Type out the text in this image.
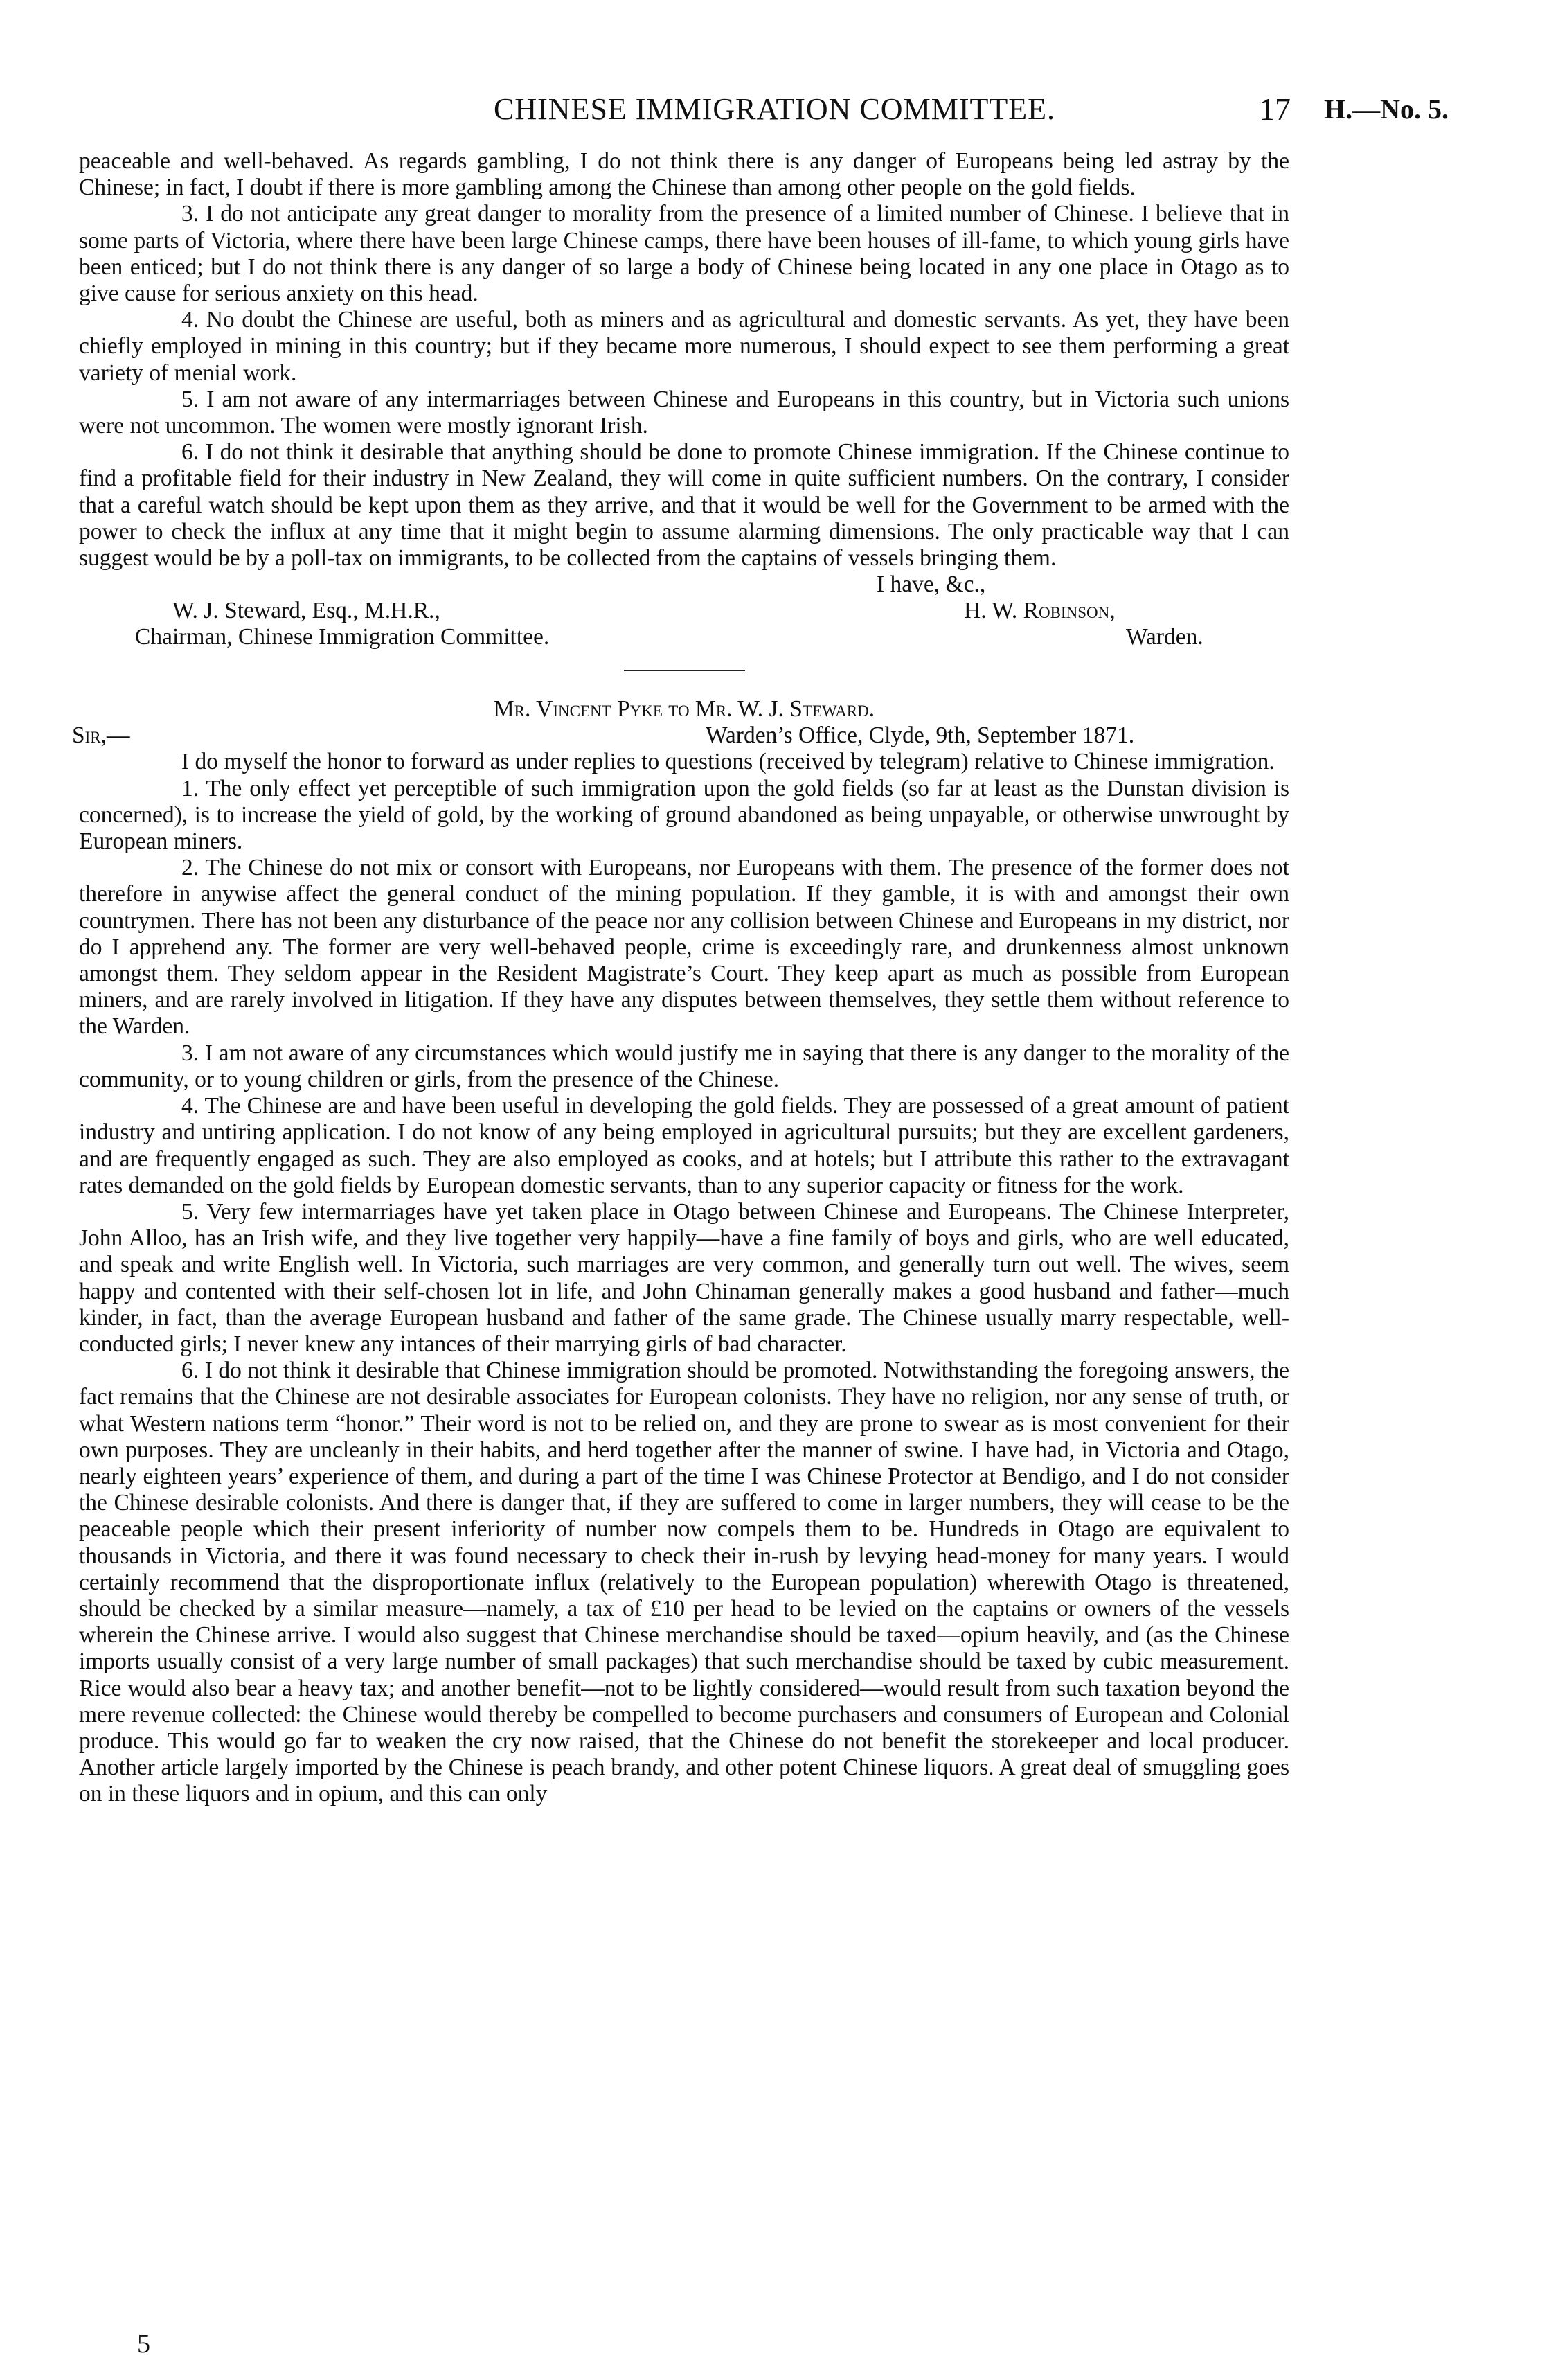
CHINESE IMMIGRATION COMMITTEE.	17 H.—No. 5.

peaceable and well-behaved. As regards gambling, I do not think there is any danger of Europeans being led astray by the Chinese; in fact, I doubt if there is more gambling among the Chinese than among other people on the gold fields.

3. I do not anticipate any great danger to morality from the presence of a limited number of Chinese. I believe that in some parts of Victoria, where there have been large Chinese camps, there have been houses of ill-fame, to which young girls have been enticed; but I do not think there is any danger of so large a body of Chinese being located in any one place in Otago as to give cause for serious anxiety on this head.

4. No doubt the Chinese are useful, both as miners and as agricultural and domestic servants. As yet, they have been chiefly employed in mining in this country; but if they became more numerous, I should expect to see them performing a great variety of menial work.

5. I am not aware of any intermarriages between Chinese and Europeans in this country, but in Victoria such unions were not uncommon. The women were mostly ignorant Irish.

6. I do not think it desirable that anything should be done to promote Chinese immigration. If the Chinese continue to find a profitable field for their industry in New Zealand, they will come in quite sufficient numbers. On the contrary, I consider that a careful watch should be kept upon them as they arrive, and that it would be well for the Government to be armed with the power to check the influx at any time that it might begin to assume alarming dimensions. The only practicable way that I can suggest would be by a poll-tax on immigrants, to be collected from the captains of vessels bringing them.

I have, &c.,
H. W. Robinson,
Warden.
W. J. Steward, Esq., M.H.R.,
Chairman, Chinese Immigration Committee.

Mr. Vincent Pyke to Mr. W. J. Steward.

Sir,—	Warden’s Office, Clyde, 9th, September 1871.

I do myself the honor to forward as under replies to questions (received by telegram) relative to Chinese immigration.

1. The only effect yet perceptible of such immigration upon the gold fields (so far at least as the Dunstan division is concerned), is to increase the yield of gold, by the working of ground abandoned as being unpayable, or otherwise unwrought by European miners.

2. The Chinese do not mix or consort with Europeans, nor Europeans with them. The presence of the former does not therefore in anywise affect the general conduct of the mining population. If they gamble, it is with and amongst their own countrymen. There has not been any disturbance of the peace nor any collision between Chinese and Europeans in my district, nor do I apprehend any. The former are very well-behaved people, crime is exceedingly rare, and drunkenness almost unknown amongst them. They seldom appear in the Resident Magistrate’s Court. They keep apart as much as possible from European miners, and are rarely involved in litigation. If they have any disputes between themselves, they settle them without reference to the Warden.

3. I am not aware of any circumstances which would justify me in saying that there is any danger to the morality of the community, or to young children or girls, from the presence of the Chinese.

4. The Chinese are and have been useful in developing the gold fields. They are possessed of a great amount of patient industry and untiring application. I do not know of any being employed in agricultural pursuits; but they are excellent gardeners, and are frequently engaged as such. They are also employed as cooks, and at hotels; but I attribute this rather to the extravagant rates demanded on the gold fields by European domestic servants, than to any superior capacity or fitness for the work.

5. Very few intermarriages have yet taken place in Otago between Chinese and Europeans. The Chinese Interpreter, John Alloo, has an Irish wife, and they live together very happily—have a fine family of boys and girls, who are well educated, and speak and write English well. In Victoria, such marriages are very common, and generally turn out well. The wives, seem happy and contented with their self-chosen lot in life, and John Chinaman generally makes a good husband and father—much kinder, in fact, than the average European husband and father of the same grade. The Chinese usually marry respectable, well-conducted girls; I never knew any intances of their marrying girls of bad character.

6. I do not think it desirable that Chinese immigration should be promoted. Notwithstanding the foregoing answers, the fact remains that the Chinese are not desirable associates for European colonists. They have no religion, nor any sense of truth, or what Western nations term “honor.” Their word is not to be relied on, and they are prone to swear as is most convenient for their own purposes. They are uncleanly in their habits, and herd together after the manner of swine. I have had, in Victoria and Otago, nearly eighteen years’ experience of them, and during a part of the time I was Chinese Protector at Bendigo, and I do not consider the Chinese desirable colonists. And there is danger that, if they are suffered to come in larger numbers, they will cease to be the peaceable people which their present inferiority of number now compels them to be. Hundreds in Otago are equivalent to thousands in Victoria, and there it was found necessary to check their in-rush by levying head-money for many years. I would certainly recommend that the disproportionate influx (relatively to the European population) wherewith Otago is threatened, should be checked by a similar measure—namely, a tax of £10 per head to be levied on the captains or owners of the vessels wherein the Chinese arrive. I would also suggest that Chinese merchandise should be taxed—opium heavily, and (as the Chinese imports usually consist of a very large number of small packages) that such merchandise should be taxed by cubic measurement. Rice would also bear a heavy tax; and another benefit—not to be lightly considered—would result from such taxation beyond the mere revenue collected: the Chinese would thereby be compelled to become purchasers and consumers of European and Colonial produce. This would go far to weaken the cry now raised, that the Chinese do not benefit the storekeeper and local producer. Another article largely imported by the Chinese is peach brandy, and other potent Chinese liquors. A great deal of smuggling goes on in these liquors and in opium, and this can only

5
